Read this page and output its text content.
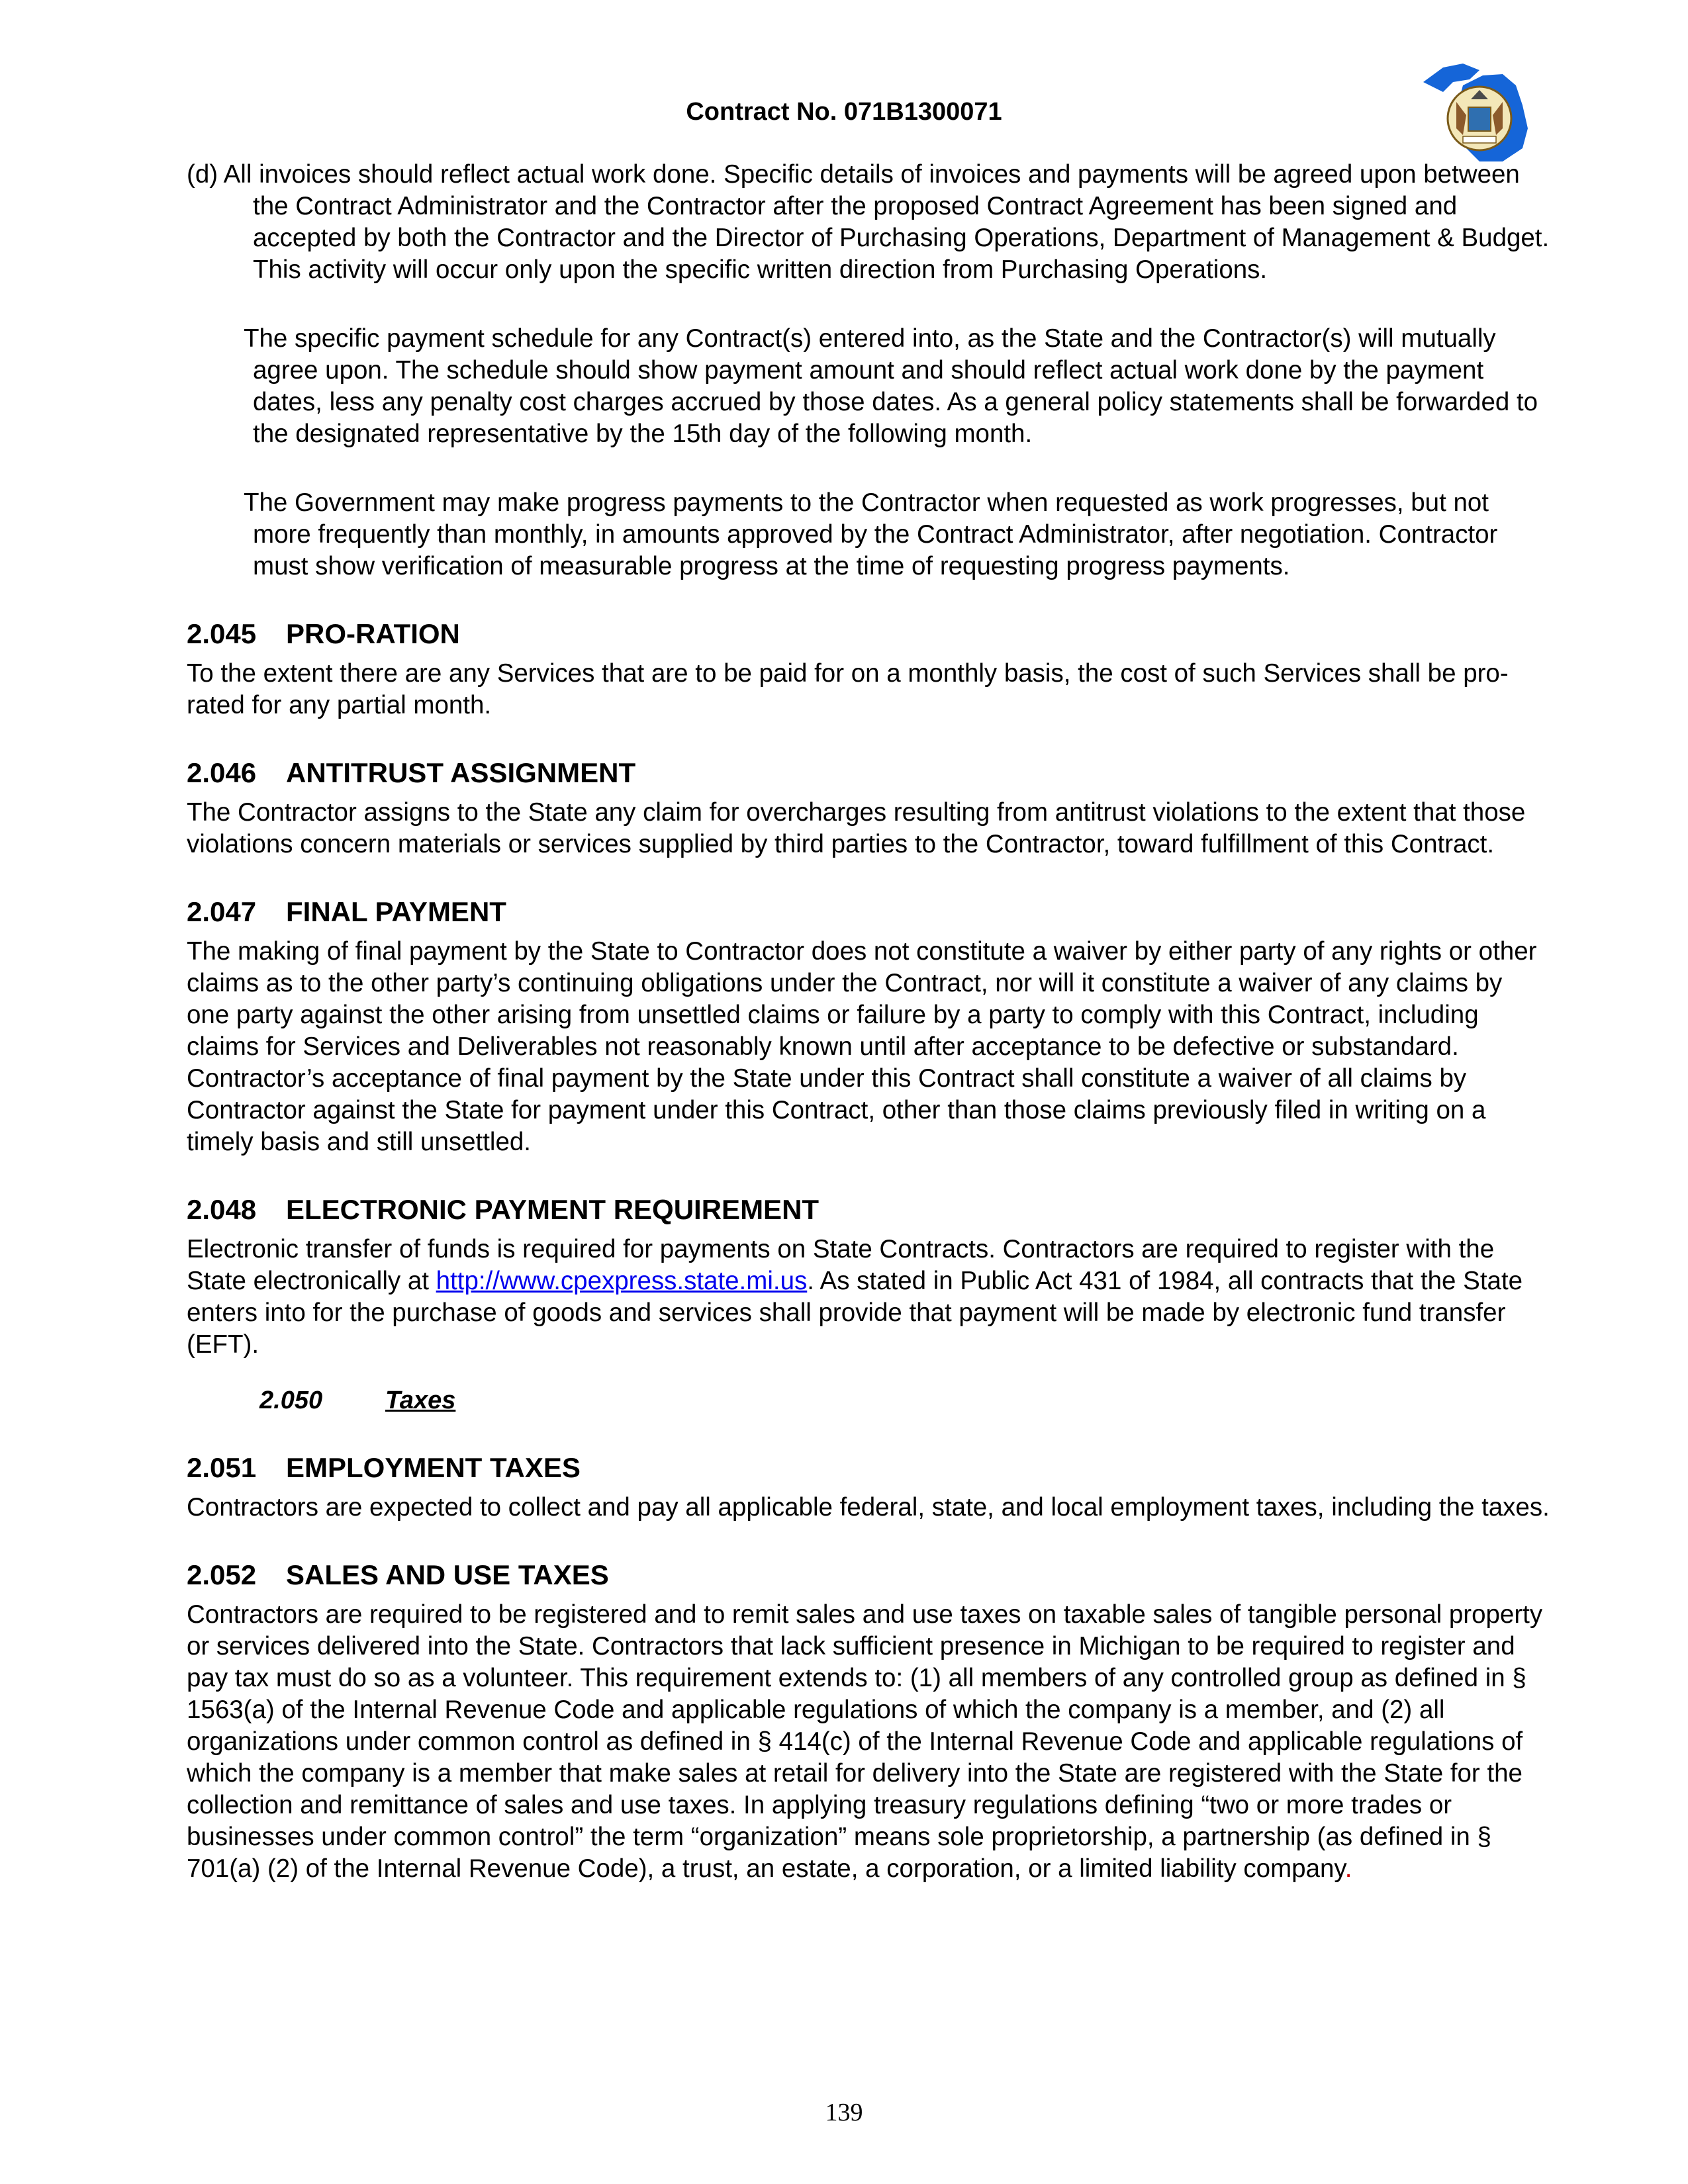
Contract No. 071B1300071

(d) All invoices should reflect actual work done. Specific details of invoices and payments will be agreed upon between the Contract Administrator and the Contractor after the proposed Contract Agreement has been signed and accepted by both the Contractor and the Director of Purchasing Operations, Department of Management & Budget. This activity will occur only upon the specific written direction from Purchasing Operations.

The specific payment schedule for any Contract(s) entered into, as the State and the Contractor(s) will mutually agree upon. The schedule should show payment amount and should reflect actual work done by the payment dates, less any penalty cost charges accrued by those dates. As a general policy statements shall be forwarded to the designated representative by the 15th day of the following month.

The Government may make progress payments to the Contractor when requested as work progresses, but not more frequently than monthly, in amounts approved by the Contract Administrator, after negotiation. Contractor must show verification of measurable progress at the time of requesting progress payments.

2.045 PRO-RATION

To the extent there are any Services that are to be paid for on a monthly basis, the cost of such Services shall be pro-rated for any partial month.

2.046 ANTITRUST ASSIGNMENT

The Contractor assigns to the State any claim for overcharges resulting from antitrust violations to the extent that those violations concern materials or services supplied by third parties to the Contractor, toward fulfillment of this Contract.

2.047 FINAL PAYMENT

The making of final payment by the State to Contractor does not constitute a waiver by either party of any rights or other claims as to the other party’s continuing obligations under the Contract, nor will it constitute a waiver of any claims by one party against the other arising from unsettled claims or failure by a party to comply with this Contract, including claims for Services and Deliverables not reasonably known until after acceptance to be defective or substandard. Contractor’s acceptance of final payment by the State under this Contract shall constitute a waiver of all claims by Contractor against the State for payment under this Contract, other than those claims previously filed in writing on a timely basis and still unsettled.

2.048 ELECTRONIC PAYMENT REQUIREMENT

Electronic transfer of funds is required for payments on State Contracts. Contractors are required to register with the State electronically at http://www.cpexpress.state.mi.us. As stated in Public Act 431 of 1984, all contracts that the State enters into for the purchase of goods and services shall provide that payment will be made by electronic fund transfer (EFT).

2.050 Taxes
2.051 EMPLOYMENT TAXES

Contractors are expected to collect and pay all applicable federal, state, and local employment taxes, including the taxes.

2.052 SALES AND USE TAXES

Contractors are required to be registered and to remit sales and use taxes on taxable sales of tangible personal property or services delivered into the State. Contractors that lack sufficient presence in Michigan to be required to register and pay tax must do so as a volunteer. This requirement extends to: (1) all members of any controlled group as defined in § 1563(a) of the Internal Revenue Code and applicable regulations of which the company is a member, and (2) all organizations under common control as defined in § 414(c) of the Internal Revenue Code and applicable regulations of which the company is a member that make sales at retail for delivery into the State are registered with the State for the collection and remittance of sales and use taxes. In applying treasury regulations defining “two or more trades or businesses under common control” the term “organization” means sole proprietorship, a partnership (as defined in § 701(a) (2) of the Internal Revenue Code), a trust, an estate, a corporation, or a limited liability company.

139
